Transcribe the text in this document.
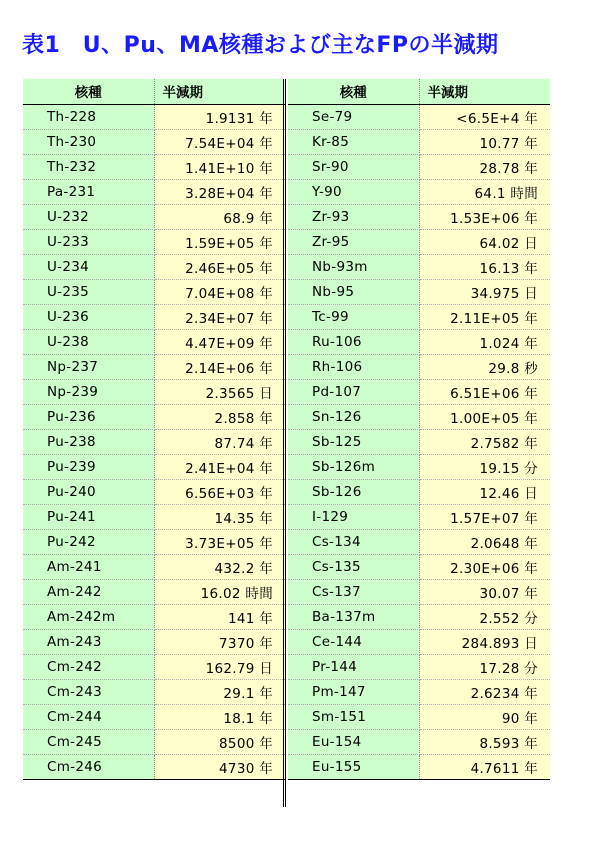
表1　U、Pu、MA核種および主なFPの半減期
核種	半減期
Th-228	1.9131 年
Th-230	7.54E+04 年
Th-232	1.41E+10 年
Pa-231	3.28E+04 年
U-232	68.9 年
U-233	1.59E+05 年
U-234	2.46E+05 年
U-235	7.04E+08 年
U-236	2.34E+07 年
U-238	4.47E+09 年
Np-237	2.14E+06 年
Np-239	2.3565 日
Pu-236	2.858 年
Pu-238	87.74 年
Pu-239	2.41E+04 年
Pu-240	6.56E+03 年
Pu-241	14.35 年
Pu-242	3.73E+05 年
Am-241	432.2 年
Am-242	16.02 時間
Am-242m	141 年
Am-243	7370 年
Cm-242	162.79 日
Cm-243	29.1 年
Cm-244	18.1 年
Cm-245	8500 年
Cm-246	4730 年
核種	半減期
Se-79	<6.5E+4 年
Kr-85	10.77 年
Sr-90	28.78 年
Y-90	64.1 時間
Zr-93	1.53E+06 年
Zr-95	64.02 日
Nb-93m	16.13 年
Nb-95	34.975 日
Tc-99	2.11E+05 年
Ru-106	1.024 年
Rh-106	29.8 秒
Pd-107	6.51E+06 年
Sn-126	1.00E+05 年
Sb-125	2.7582 年
Sb-126m	19.15 分
Sb-126	12.46 日
I-129	1.57E+07 年
Cs-134	2.0648 年
Cs-135	2.30E+06 年
Cs-137	30.07 年
Ba-137m	2.552 分
Ce-144	284.893 日
Pr-144	17.28 分
Pm-147	2.6234 年
Sm-151	90 年
Eu-154	8.593 年
Eu-155	4.7611 年
